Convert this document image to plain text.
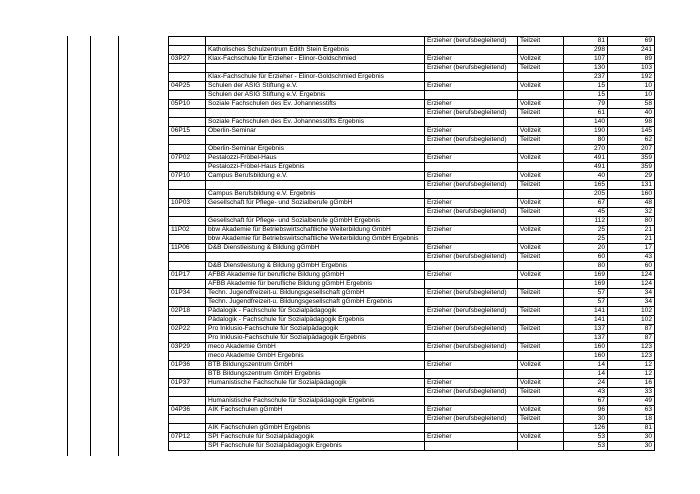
		Erzieher (berufsbegleitend)	Teilzeit	81	69
	Katholisches Schulzentrum Edith Stein Ergebnis			298	241
03P27	Klax-Fachschule für Erzieher - Elinor-Goldschmied	Erzieher	Vollzeit	107	89
		Erzieher (berufsbegleitend)	Teilzeit	130	103
	Klax-Fachschule für Erzieher - Elinor-Goldschmied Ergebnis			237	192
04P25	Schulen der ASIG Stiftung e.V.	Erzieher	Vollzeit	15	10
	Schulen der ASIG Stiftung e.V. Ergebnis			15	10
05P10	Soziale Fachschulen des Ev. Johannesstifts	Erzieher	Vollzeit	79	58
		Erzieher (berufsbegleitend)	Teilzeit	61	40
	Soziale Fachschulen des Ev. Johannesstifts Ergebnis			140	98
06P15	Oberlin-Seminar	Erzieher	Vollzeit	190	145
		Erzieher (berufsbegleitend)	Teilzeit	80	62
	Oberlin-Seminar Ergebnis			270	207
07P02	Pestalozzi-Fröbel-Haus	Erzieher	Vollzeit	491	359
	Pestalozzi-Fröbel-Haus Ergebnis			491	359
07P10	Campus Berufsbildung e.V.	Erzieher	Vollzeit	40	29
		Erzieher (berufsbegleitend)	Teilzeit	165	131
	Campus Berufsbildung e.V. Ergebnis			205	160
10P03	Gesellschaft für Pflege- und Sozialberufe gGmbH	Erzieher	Vollzeit	67	48
		Erzieher (berufsbegleitend)	Teilzeit	45	32
	Gesellschaft für Pflege- und Sozialberufe gGmbH Ergebnis			112	80
11P02	bbw Akademie für Betriebswirtschaftliche Weiterbildung GmbH	Erzieher	Vollzeit	25	21
	bbw Akademie für Betriebswirtschaftliche Weiterbildung GmbH Ergebnis			25	21
11P06	D&B Dienstleistung & Bildung gGmbH	Erzieher	Vollzeit	20	17
		Erzieher (berufsbegleitend)	Teilzeit	60	43
	D&B Dienstleistung & Bildung gGmbH Ergebnis			80	60
01P17	AFBB Akademie für berufliche Bildung gGmbH	Erzieher	Vollzeit	169	124
	AFBB Akademie für berufliche Bildung gGmbH Ergebnis			169	124
01P34	Techn. Jugendfreizeit-u. Bildungsgesellschaft gGmbH	Erzieher (berufsbegleitend)	Teilzeit	57	34
	Techn. Jugendfreizeit-u. Bildungsgesellschaft gGmbH Ergebnis			57	34
02P18	Pädalogik - Fachschule für Sozialpädagogik	Erzieher (berufsbegleitend)	Teilzeit	141	102
	Pädalogik - Fachschule für Sozialpädagogik Ergebnis			141	102
02P22	Pro Inklusio-Fachschule für Sozialpädagogik	Erzieher (berufsbegleitend)	Teilzeit	137	87
	Pro Inklusio-Fachschule für Sozialpädagogik Ergebnis			137	87
03P29	meco Akademie GmbH	Erzieher (berufsbegleitend)	Teilzeit	160	123
	meco Akademie GmbH Ergebnis			160	123
01P36	BTB Bildungszentrum GmbH	Erzieher	Vollzeit	14	12
	BTB Bildungszentrum GmbH Ergebnis			14	12
01P37	Humanistische Fachschule für Sozialpädagogik	Erzieher	Vollzeit	24	16
		Erzieher (berufsbegleitend)	Teilzeit	43	33
	Humanistische Fachschule für Sozialpädagogik Ergebnis			67	49
04P36	AIK Fachschulen gGmbH	Erzieher	Vollzeit	96	63
		Erzieher (berufsbegleitend)	Teilzeit	30	18
	AIK Fachschulen gGmbH Ergebnis			126	81
07P12	SPI Fachschule für Sozialpädagogik	Erzieher	Vollzeit	53	30
	SPI Fachschule für Sozialpädagogik Ergebnis			53	30
